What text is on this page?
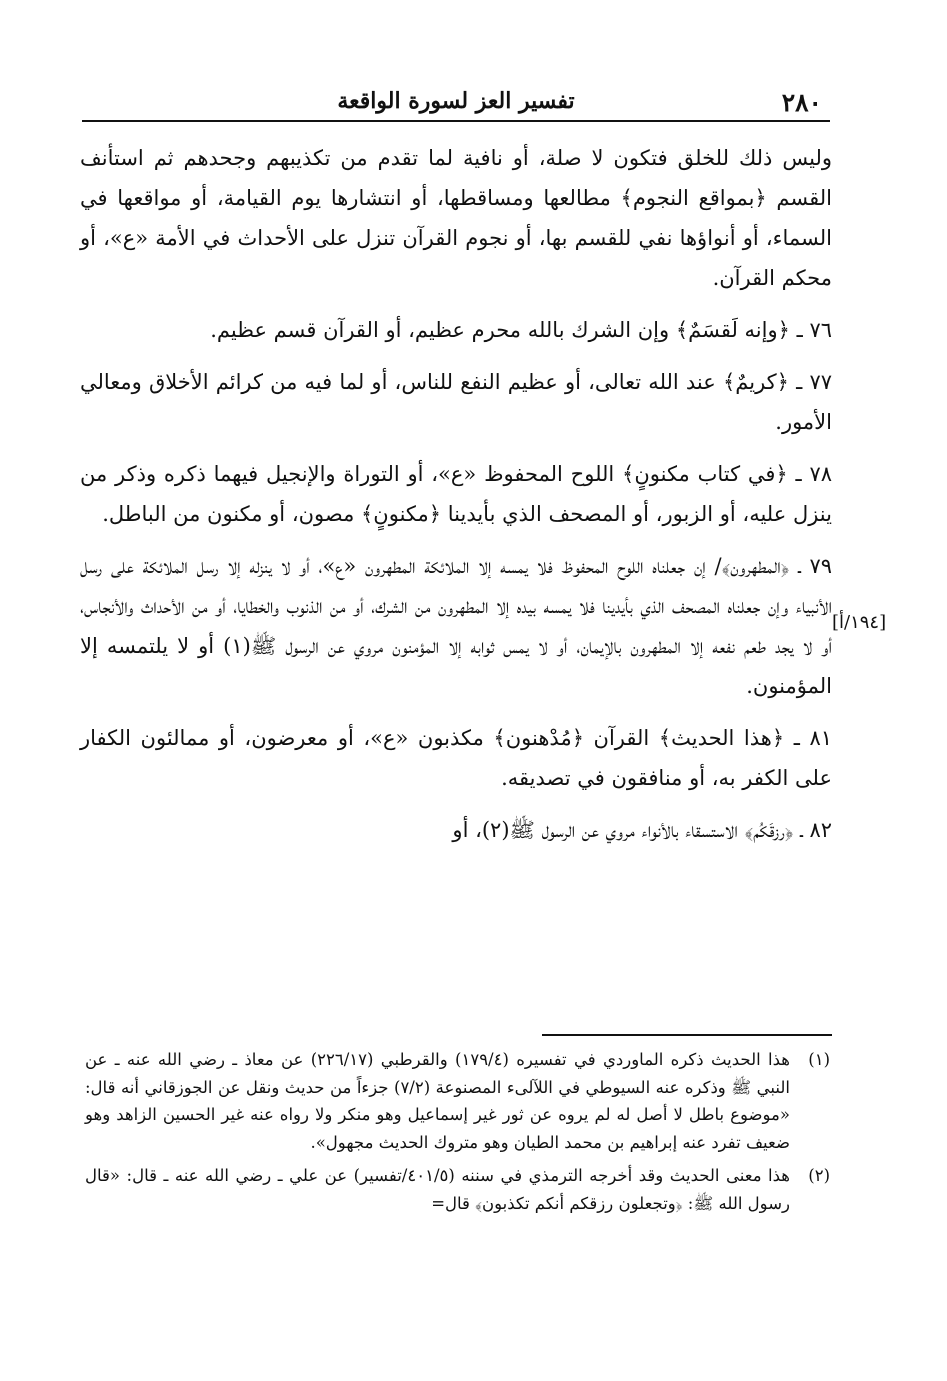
تفسير العز لسورة الواقعة	٢٨٠

وليس ذلك للخلق فتكون لا صلة، أو نافية لما تقدم من تكذيبهم وجحدهم ثم استأنف القسم ﴿بمواقع النجوم﴾ مطالعها ومساقطها، أو انتشارها يوم القيامة، أو مواقعها في السماء، أو أنواؤها نفي للقسم بها، أو نجوم القرآن تنزل على الأحداث في الأمة «ع»، أو محكم القرآن.

٧٦ ـ ﴿وإنه لَقسَمٌ﴾ وإن الشرك بالله محرم عظيم، أو القرآن قسم عظيم.

٧٧ ـ ﴿كريمٌ﴾ عند الله تعالى، أو عظيم النفع للناس، أو لما فيه من كرائم الأخلاق ومعالي الأمور.

٧٨ ـ ﴿في كتاب مكنونٍ﴾ اللوح المحفوظ «ع»، أو التوراة والإنجيل فيهما ذكره وذكر من ينزل عليه، أو الزبور، أو المصحف الذي بأيدينا ﴿مكنونٍ﴾ مصون، أو مكنون من الباطل.

٧٩ ـ ﴿المطهرون﴾/ إن جعلناه اللوح المحفوظ فلا يمسه إلا الملائكة المطهرون «ع»، أو لا ينزله إلا رسل الملائكة على رسل الأنبياء وإن جعلناه المصحف الذي بأيدينا فلا يمسه بيده إلا المطهرون من الشرك، أو من الذنوب والخطايا، أو من الأحداث والأنجاس، أو لا يجد طعم نفعه إلا المطهرون بالإيمان، أو لا يمس ثوابه إلا المؤمنون مروي عن الرسول ﷺ(١) أو لا يلتمسه إلا المؤمنون.

٨١ ـ ﴿هذا الحديث﴾ القرآن ﴿مُدْهنون﴾ مكذبون «ع»، أو معرضون، أو ممالئون الكفار على الكفر به، أو منافقون في تصديقه.

٨٢ ـ ﴿رزقَكُم﴾ الاستسقاء بالأنواء مروي عن الرسول ﷺ(٢)، أو

[١٩٤/أ]
(١)
هذا الحديث ذكره الماوردي في تفسيره (١٧٩/٤) والقرطبي (٢٢٦/١٧) عن معاذ ـ رضي الله عنه ـ عن النبي ﷺ وذكره عنه السيوطي في اللآلىء المصنوعة (٧/٢) جزءاً من حديث ونقل عن الجوزقاني أنه قال: «موضوع باطل لا أصل له لم يروه عن ثور غير إسماعيل وهو منكر ولا رواه عنه غير الحسين الزاهد وهو ضعيف تفرد عنه إبراهيم بن محمد الطيان وهو متروك الحديث مجهول».
(٢)
هذا معنى الحديث وقد أخرجه الترمذي في سننه (٤٠١/٥/تفسير) عن علي ـ رضي الله عنه ـ قال: «قال رسول الله ﷺ: ﴿وتجعلون رزقكم أنكم تكذبون﴾ قال=
